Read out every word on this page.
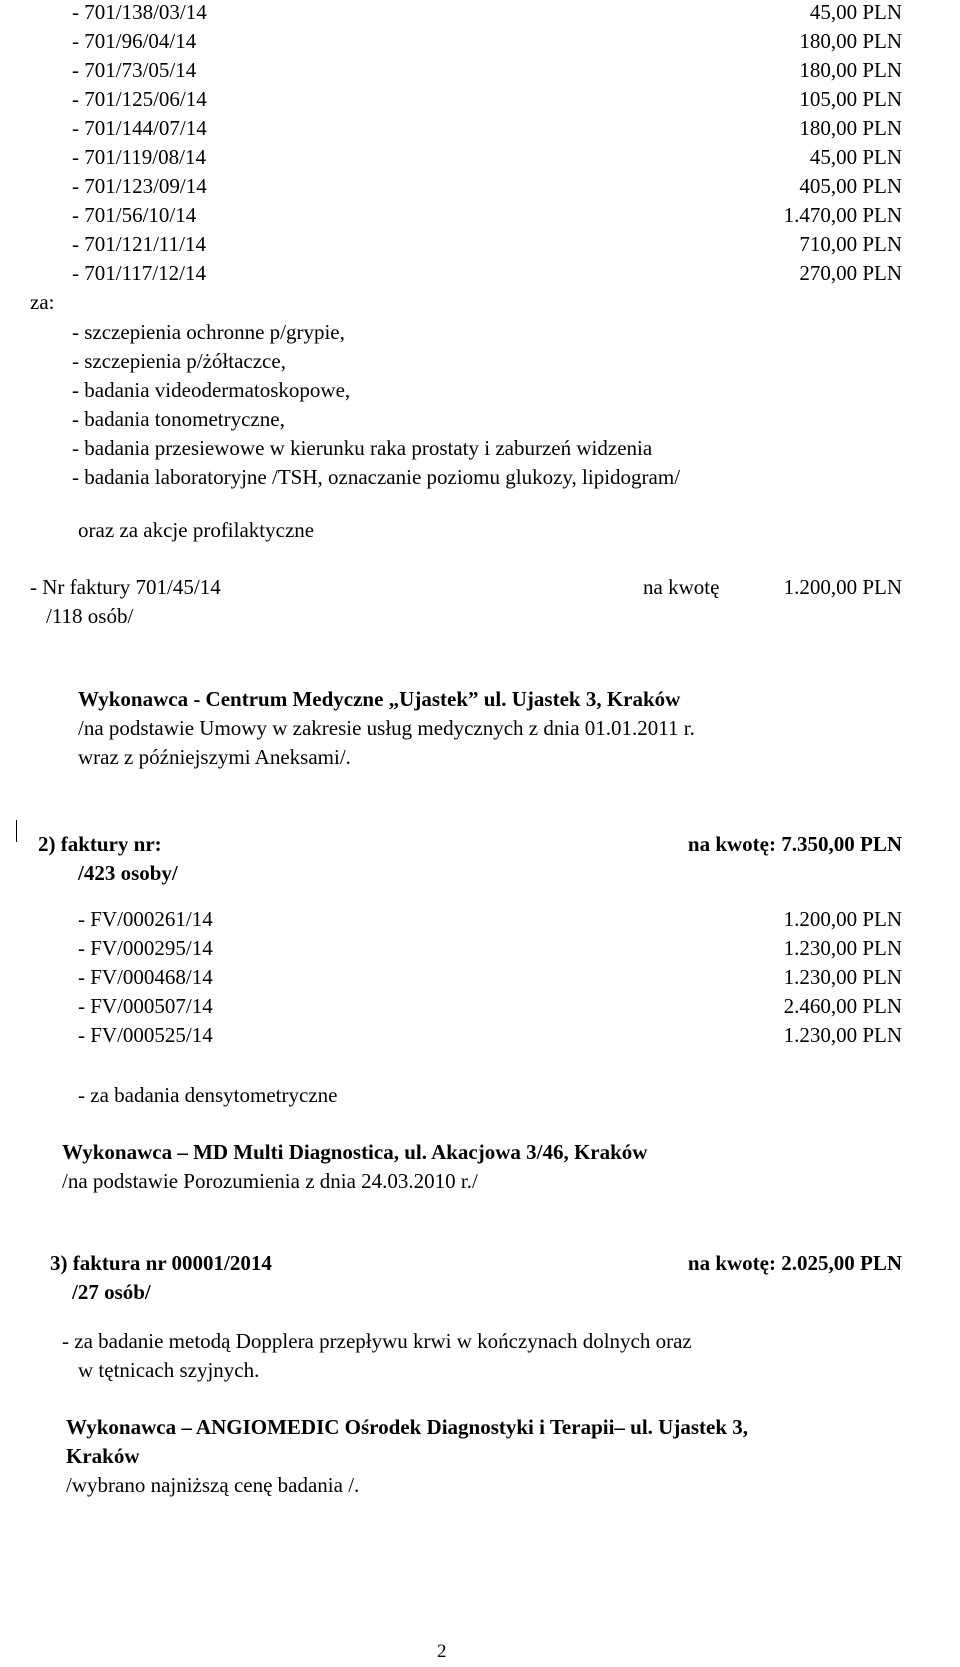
- 701/138/03/14	45,00 PLN
- 701/96/04/14	180,00 PLN
- 701/73/05/14	180,00 PLN
- 701/125/06/14	105,00 PLN
- 701/144/07/14	180,00 PLN
- 701/119/08/14	45,00 PLN
- 701/123/09/14	405,00 PLN
- 701/56/10/14	1.470,00 PLN
- 701/121/11/14	710,00 PLN
- 701/117/12/14	270,00 PLN
za:
- szczepienia ochronne p/grypie,
- szczepienia p/żółtaczce,
- badania videodermatoskopowe,
- badania tonometryczne,
- badania przesiewowe w kierunku raka prostaty i zaburzeń widzenia
- badania laboratoryjne /TSH, oznaczanie poziomu glukozy, lipidogram/
oraz za akcje profilaktyczne
- Nr faktury 701/45/14	na kwotę	1.200,00 PLN
/118 osób/
Wykonawca - Centrum Medyczne „Ujastek” ul. Ujastek 3, Kraków
/na podstawie Umowy w zakresie usług medycznych z dnia 01.01.2011 r.
wraz z późniejszymi Aneksami/.
2) faktury nr:	na kwotę: 7.350,00 PLN
/423 osoby/
- FV/000261/14	1.200,00 PLN
- FV/000295/14	1.230,00 PLN
- FV/000468/14	1.230,00 PLN
- FV/000507/14	2.460,00 PLN
- FV/000525/14	1.230,00 PLN
- za badania densytometryczne
Wykonawca – MD Multi Diagnostica, ul. Akacjowa 3/46, Kraków
/na podstawie Porozumienia z dnia 24.03.2010 r./
3) faktura nr 00001/2014	na kwotę: 2.025,00 PLN
/27 osób/
- za badanie metodą Dopplera przepływu krwi w kończynach dolnych oraz
w tętnicach szyjnych.
Wykonawca – ANGIOMEDIC Ośrodek Diagnostyki i Terapii– ul. Ujastek 3,
Kraków
/wybrano najniższą cenę badania /.
2
